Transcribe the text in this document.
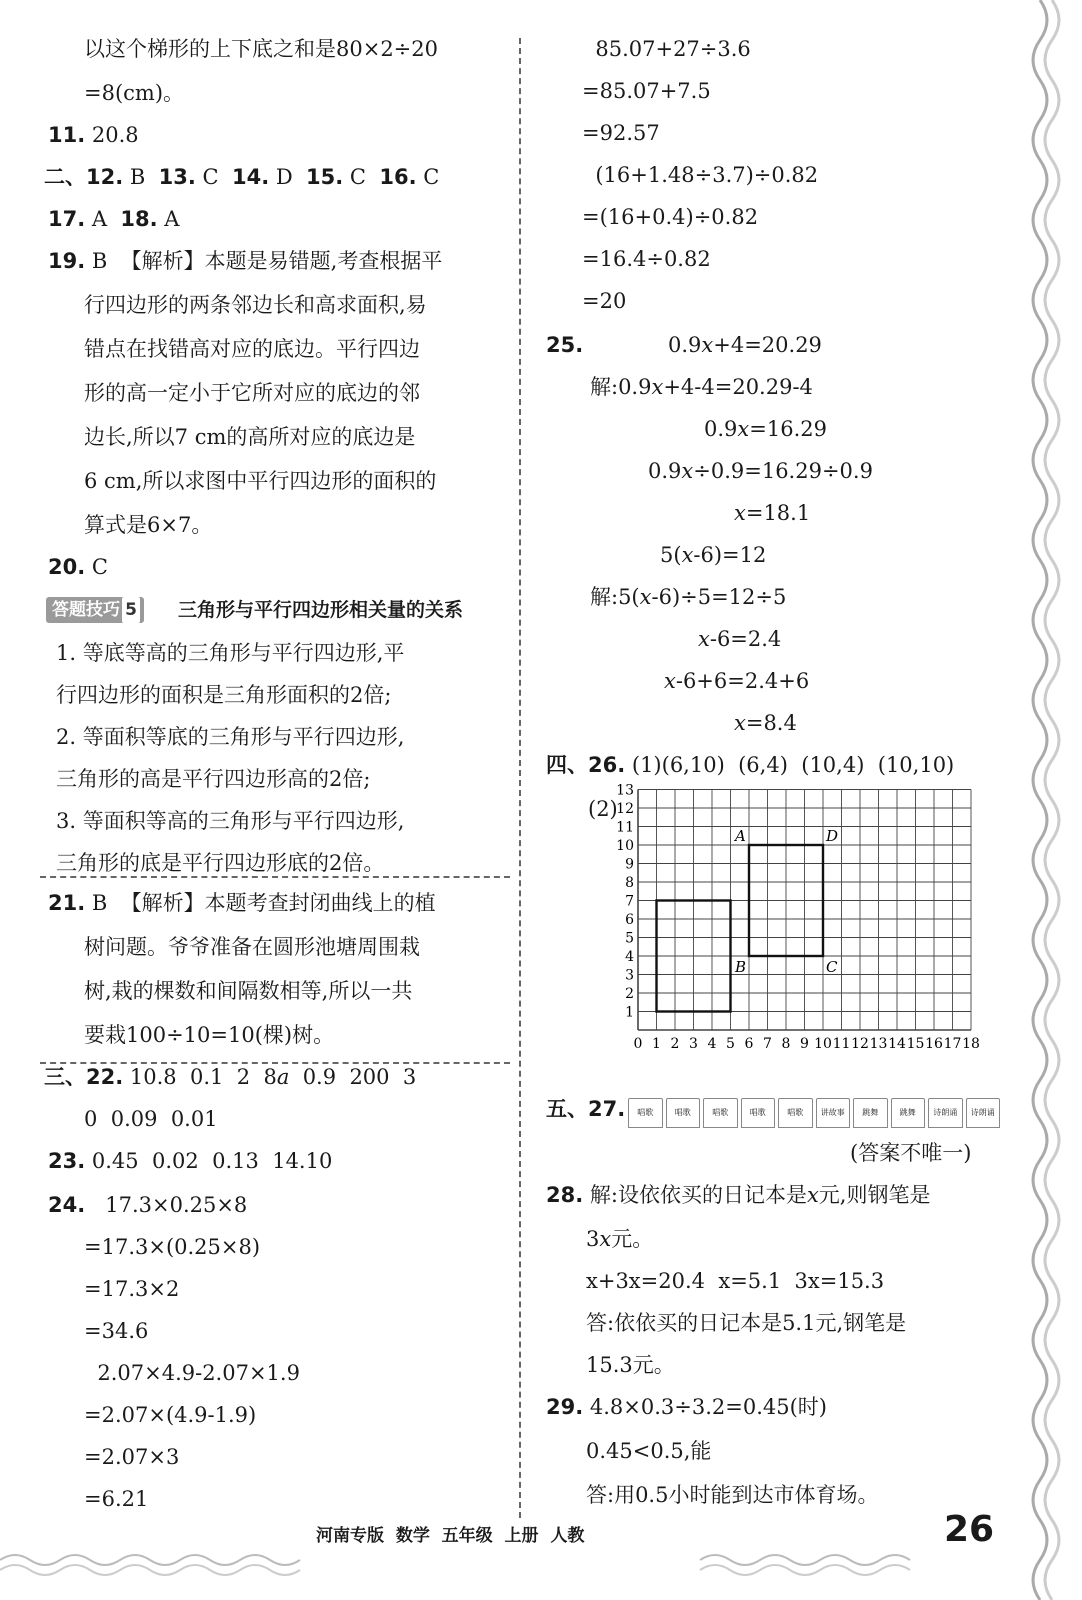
以这个梯形的上下底之和是80×2÷20
=8(cm)。
11. 20.8
二、12. B  13. C  14. D  15. C  16. C
17. A  18. A
19. B  【解析】本题是易错题,考查根据平
行四边形的两条邻边长和高求面积,易
错点在找错高对应的底边。平行四边
形的高一定小于它所对应的底边的邻
边长,所以7 cm的高所对应的底边是
6 cm,所以求图中平行四边形的面积的
算式是6×7。
20. C
答题技巧 5	三角形与平行四边形相关量的关系
1. 等底等高的三角形与平行四边形,平
行四边形的面积是三角形面积的2倍;
2. 等面积等底的三角形与平行四边形,
三角形的高是平行四边形高的2倍;
3. 等面积等高的三角形与平行四边形,
三角形的底是平行四边形底的2倍。
21. B  【解析】本题考查封闭曲线上的植
树问题。爷爷准备在圆形池塘周围栽
树,栽的棵数和间隔数相等,所以一共
要栽100÷10=10(棵)树。
三、22. 10.8  0.1  2  8a  0.9  200  3
0  0.09  0.01
23. 0.45  0.02  0.13  14.10
24.   17.3×0.25×8
=17.3×(0.25×8)
=17.3×2
=34.6
2.07×4.9-2.07×1.9
=2.07×(4.9-1.9)
=2.07×3
=6.21
85.07+27÷3.6
=85.07+7.5
=92.57
(16+1.48÷3.7)÷0.82
=(16+0.4)÷0.82
=16.4÷0.82
=20
25.	0.9x+4=20.29
解:0.9x+4-4=20.29-4
0.9x=16.29
0.9x÷0.9=16.29÷0.9
x=18.1
5(x-6)=12
解:5(x-6)÷5=12÷5
x-6=2.4
x-6+6=2.4+6
x=8.4
四、26. (1)(6,10)  (6,4)  (10,4)  (10,10)
(2)
0 1 2 3 4 5 6 7 8 9 10 11 12 13 14 15 16 17 18
1
2
3
4
5
6
7
8
9
10
11
12
13
A
B	C
D
五、27.	唱歌	唱歌	唱歌	唱歌	唱歌	讲故事	跳舞	跳舞	诗朗诵	诗朗诵
(答案不唯一)
28. 解:设依依买的日记本是x元,则钢笔是
3x元。
x+3x=20.4  x=5.1  3x=15.3
答:依依买的日记本是5.1元,钢笔是
15.3元。
29. 4.8×0.3÷3.2=0.45(时)
0.45<0.5,能
答:用0.5小时能到达市体育场。
河南专版  数学  五年级  上册  人教	26
